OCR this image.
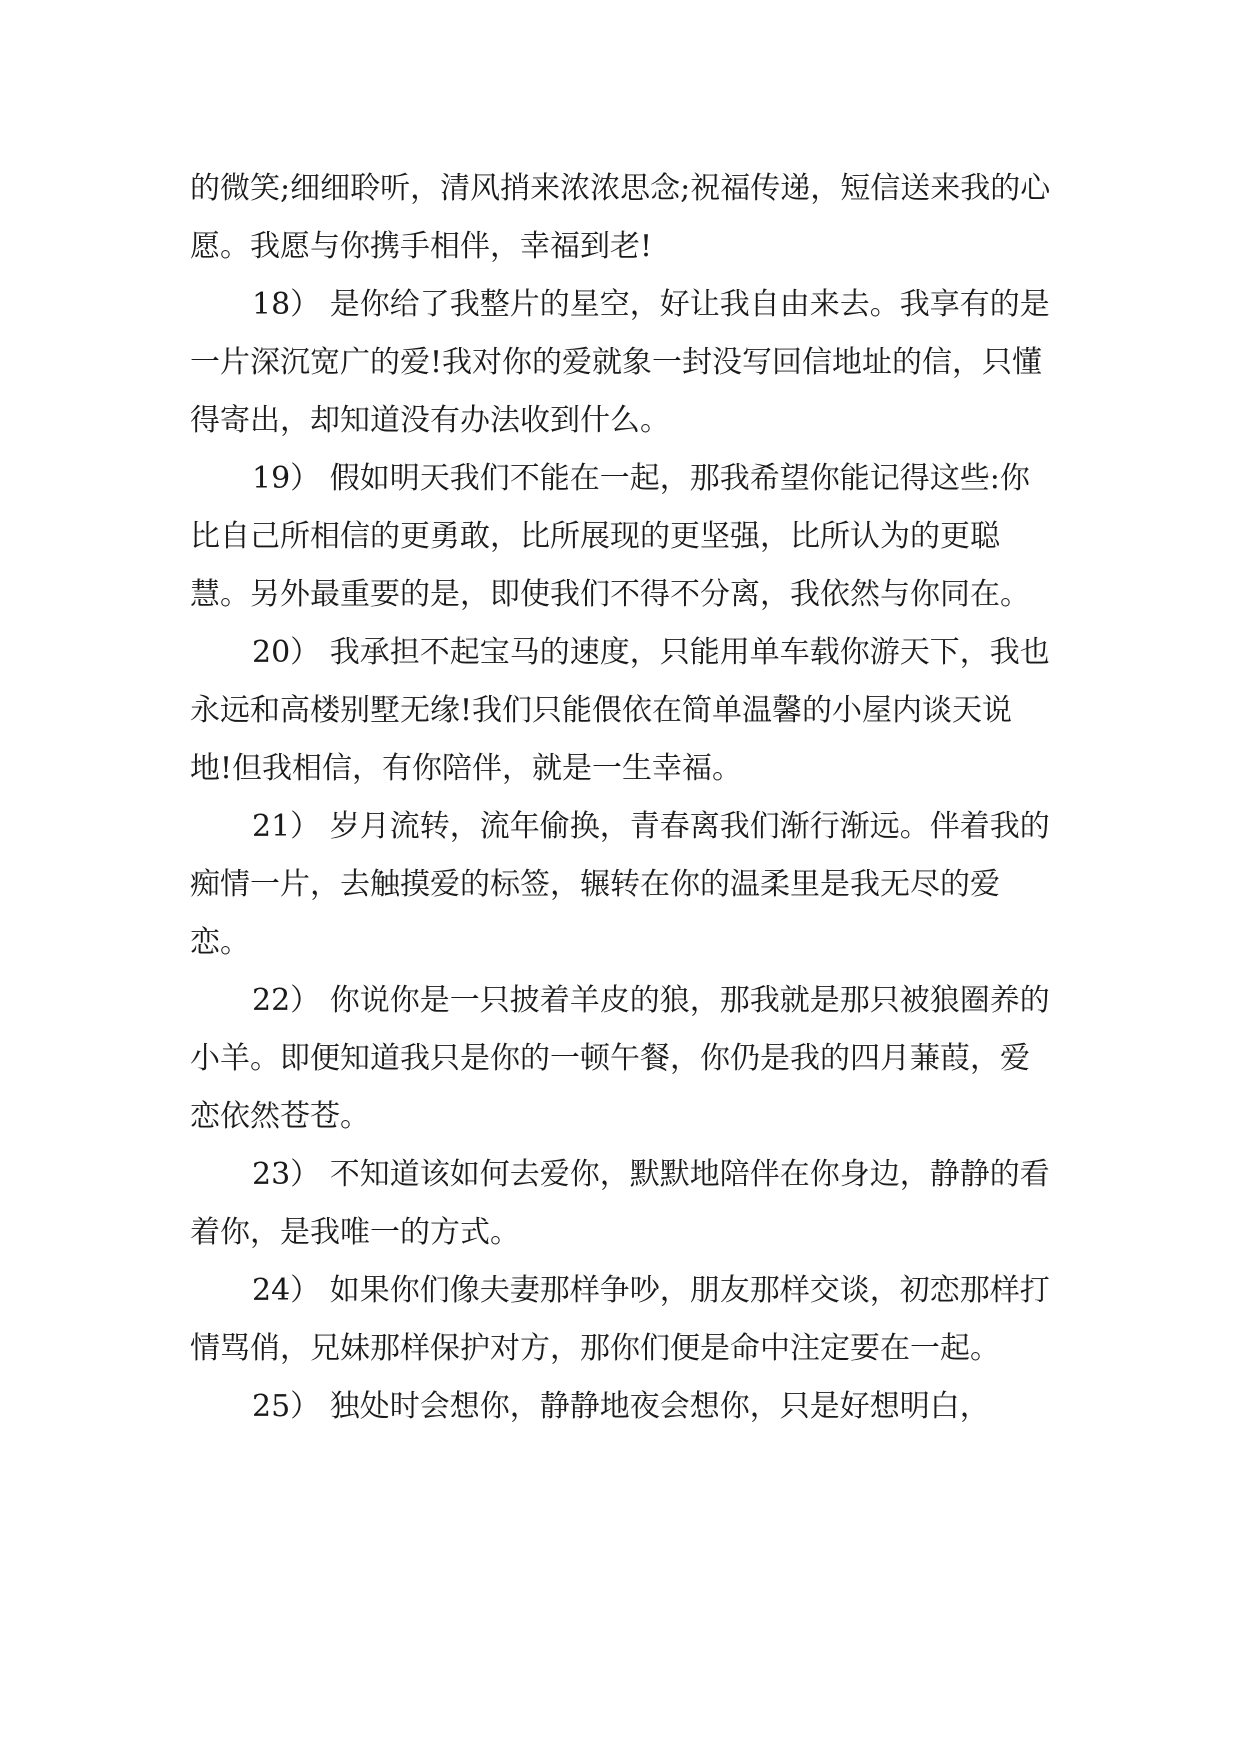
的微笑;细细聆听，清风捎来浓浓思念;祝福传递，短信送来我的心愿。我愿与你携手相伴，幸福到老!

18） 是你给了我整片的星空，好让我自由来去。我享有的是一片深沉宽广的爱!我对你的爱就象一封没写回信地址的信，只懂得寄出，却知道没有办法收到什么。

19） 假如明天我们不能在一起，那我希望你能记得这些:你比自己所相信的更勇敢，比所展现的更坚强，比所认为的更聪慧。另外最重要的是，即使我们不得不分离，我依然与你同在。

20） 我承担不起宝马的速度，只能用单车载你游天下，我也永远和高楼别墅无缘!我们只能偎依在简单温馨的小屋内谈天说地!但我相信，有你陪伴，就是一生幸福。

21） 岁月流转，流年偷换，青春离我们渐行渐远。伴着我的痴情一片，去触摸爱的标签，辗转在你的温柔里是我无尽的爱恋。

22） 你说你是一只披着羊皮的狼，那我就是那只被狼圈养的小羊。即便知道我只是你的一顿午餐，你仍是我的四月蒹葭，爱恋依然苍苍。

23） 不知道该如何去爱你，默默地陪伴在你身边，静静的看着你，是我唯一的方式。

24） 如果你们像夫妻那样争吵，朋友那样交谈，初恋那样打情骂俏，兄妹那样保护对方，那你们便是命中注定要在一起。

25） 独处时会想你，静静地夜会想你，只是好想明白，
